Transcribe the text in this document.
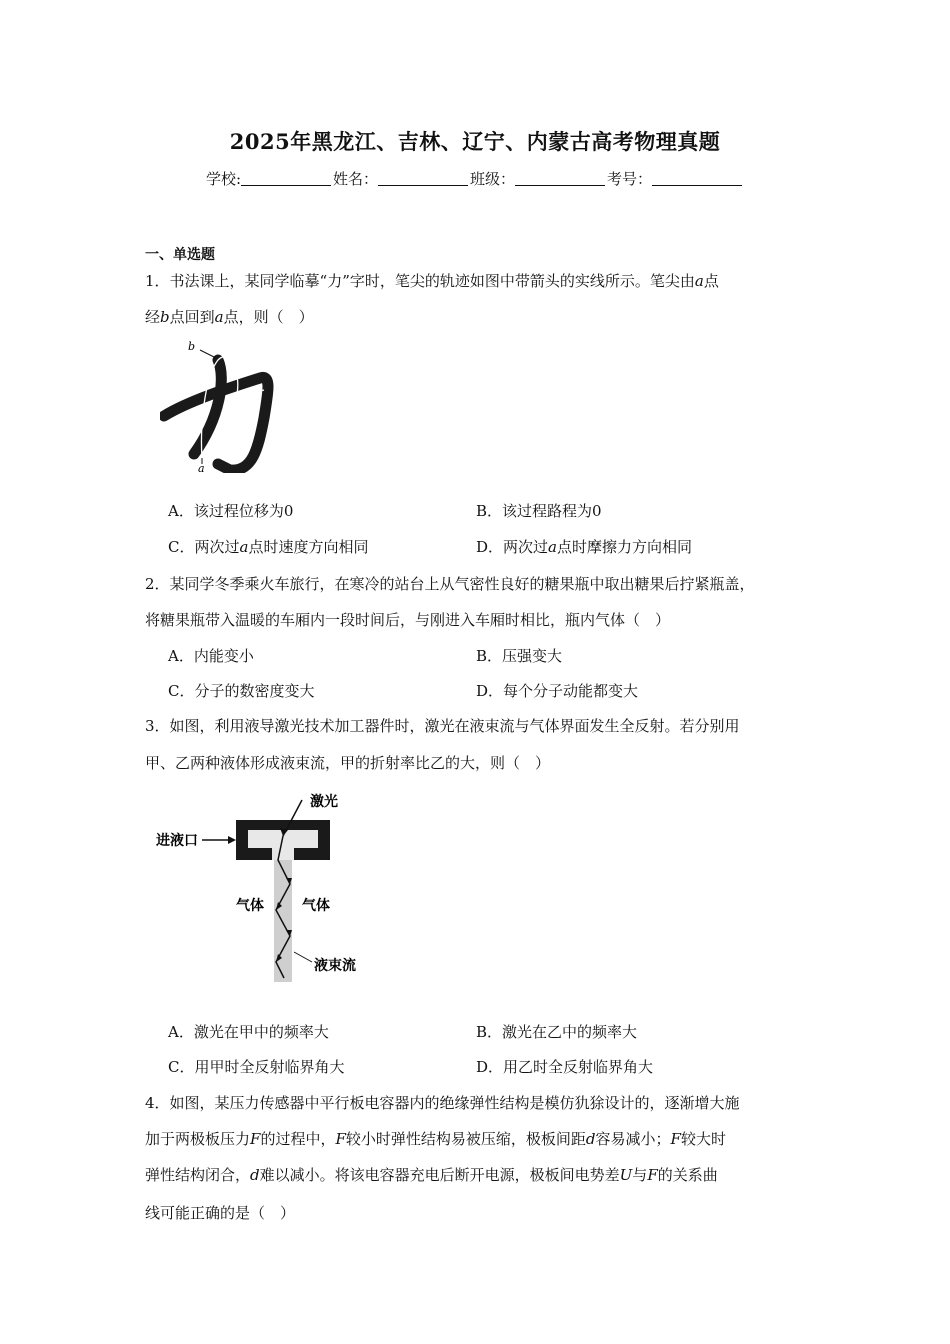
2025年黑龙江、吉林、辽宁、内蒙古高考物理真题
学校:	姓名：	班级：	考号：
一、单选题
1．书法课上，某同学临摹“力”字时，笔尖的轨迹如图中带箭头的实线所示。笔尖由a点
经b点回到a点，则（　）
a
b
A．该过程位移为0	B．该过程路程为0
C．两次过a点时速度方向相同	D．两次过a点时摩擦力方向相同
2．某同学冬季乘火车旅行，在寒冷的站台上从气密性良好的糖果瓶中取出糖果后拧紧瓶盖，
将糖果瓶带入温暖的车厢内一段时间后，与刚进入车厢时相比，瓶内气体（　）
A．内能变小	B．压强变大
C．分子的数密度变大	D．每个分子动能都变大
3．如图，利用液导激光技术加工器件时，激光在液束流与气体界面发生全反射。若分别用
甲、乙两种液体形成液束流，甲的折射率比乙的大，则（　）
激光
进液口
气体	气体
液束流
A．激光在甲中的频率大	B．激光在乙中的频率大
C．用甲时全反射临界角大	D．用乙时全反射临界角大
4．如图，某压力传感器中平行板电容器内的绝缘弹性结构是模仿犰狳设计的，逐渐增大施
加于两极板压力F的过程中，F较小时弹性结构易被压缩，极板间距d容易减小；F较大时
弹性结构闭合，d难以减小。将该电容器充电后断开电源，极板间电势差U与F的关系曲
线可能正确的是（　）
